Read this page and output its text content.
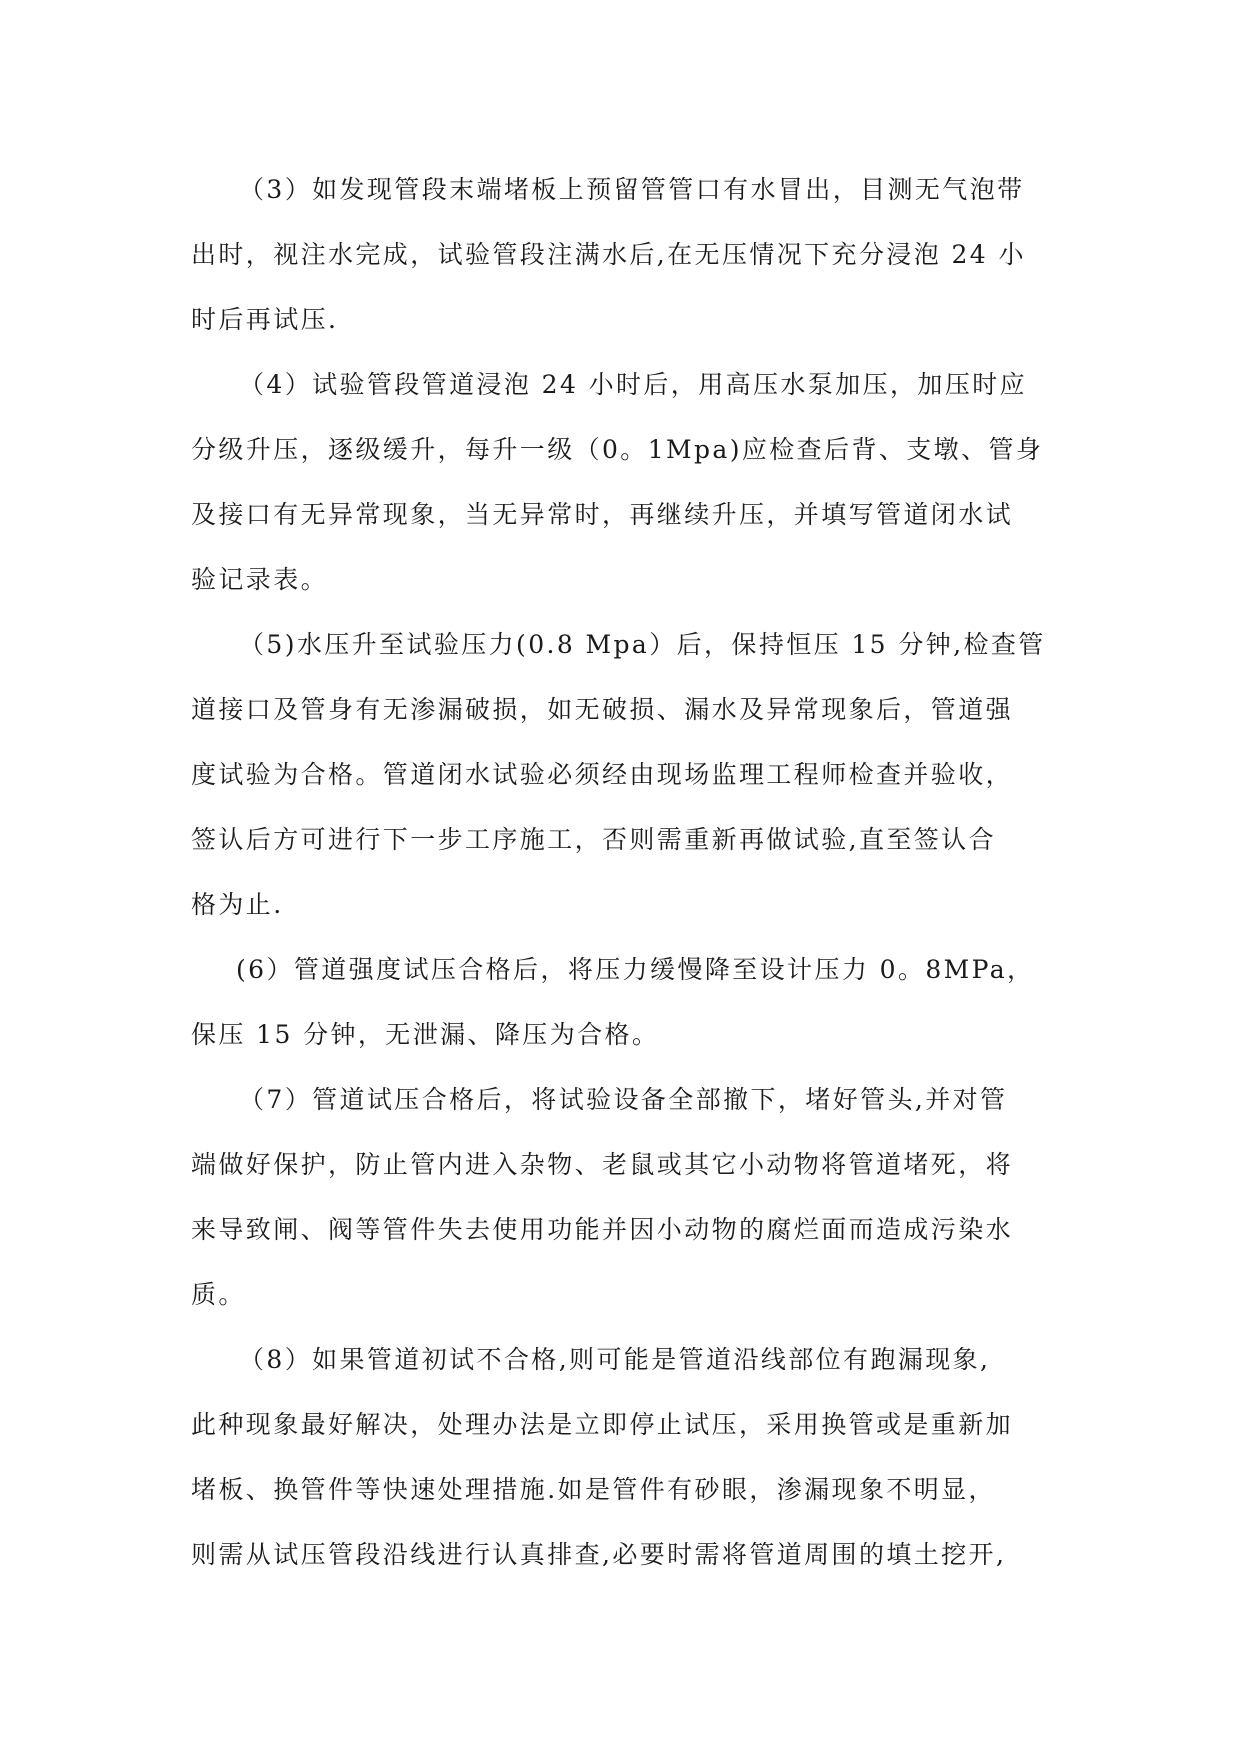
（3）如发现管段末端堵板上预留管管口有水冒出，目测无气泡带
出时，视注水完成，试验管段注满水后,在无压情况下充分浸泡 24 小
时后再试压.
（4）试验管段管道浸泡 24 小时后，用高压水泵加压，加压时应
分级升压，逐级缓升，每升一级（0。1Mpa)应检查后背、支墩、管身
及接口有无异常现象，当无异常时，再继续升压，并填写管道闭水试
验记录表。
（5)水压升至试验压力(0.8 Mpa）后，保持恒压 15 分钟,检查管
道接口及管身有无渗漏破损，如无破损、漏水及异常现象后，管道强
度试验为合格。管道闭水试验必须经由现场监理工程师检查并验收，
签认后方可进行下一步工序施工，否则需重新再做试验,直至签认合
格为止.
(6）管道强度试压合格后，将压力缓慢降至设计压力 0。8MPa，
保压 15 分钟，无泄漏、降压为合格。
（7）管道试压合格后，将试验设备全部撤下，堵好管头,并对管
端做好保护，防止管内进入杂物、老鼠或其它小动物将管道堵死，将
来导致闸、阀等管件失去使用功能并因小动物的腐烂面而造成污染水
质。
（8）如果管道初试不合格,则可能是管道沿线部位有跑漏现象,
此种现象最好解决，处理办法是立即停止试压，采用换管或是重新加
堵板、换管件等快速处理措施.如是管件有砂眼，渗漏现象不明显，
则需从试压管段沿线进行认真排查,必要时需将管道周围的填土挖开,
